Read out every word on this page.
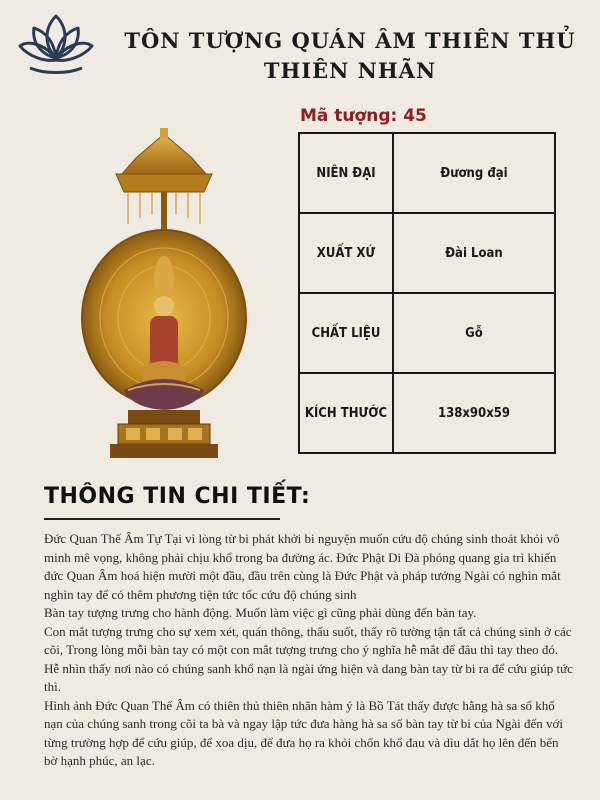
TÔN TƯỢNG QUÁN ÂM THIÊN THỦ
THIÊN NHÃN
Mã tượng: 45
NIÊN ĐẠI	Đương đại
XUẤT XỨ	Đài Loan
CHẤT LIỆU	Gỗ
KÍCH THƯỚC	138x90x59
THÔNG TIN CHI TIẾT:

Đức Quan Thế Âm Tự Tại vì lòng từ bi phát khởi bi nguyện muốn cứu độ chúng sinh thoát khỏi vô minh mê vọng, không phải chịu khổ trong ba đường ác. Đức Phật Di Đà phóng quang gia trì khiến đức Quan Âm hoá hiện mười một đầu, đầu trên cùng là Đức Phật và pháp tướng Ngài có nghìn mắt nghìn tay để có thêm phương tiện tức tốc cứu độ chúng sinh

Bàn tay tượng trưng cho hành động. Muốn làm việc gì cũng phải dùng đến bàn tay.

Con mắt tượng trưng cho sự xem xét, quán thông, thấu suốt, thấy rõ tường tận tất cả chúng sinh ở các cõi, Trong lòng mỗi bàn tay có một con mắt tượng trưng cho ý nghĩa hễ mắt để đâu thì tay theo đó. Hễ nhìn thấy nơi nào có chúng sanh khổ nạn là ngài ứng hiện và dang bàn tay từ bi ra để cứu giúp tức thì.

Hình ảnh Đức Quan Thế Âm có thiên thủ thiên nhãn hàm ý là Bồ Tát thấy được hằng hà sa số khổ nạn của chúng sanh trong cõi ta bà và ngay lập tức đưa hàng hà sa số bàn tay từ bi của Ngài đến với từng trường hợp để cứu giúp, để xoa dịu, để đưa họ ra khỏi chốn khổ đau và dìu dắt họ lên đến bến bờ hạnh phúc, an lạc.
